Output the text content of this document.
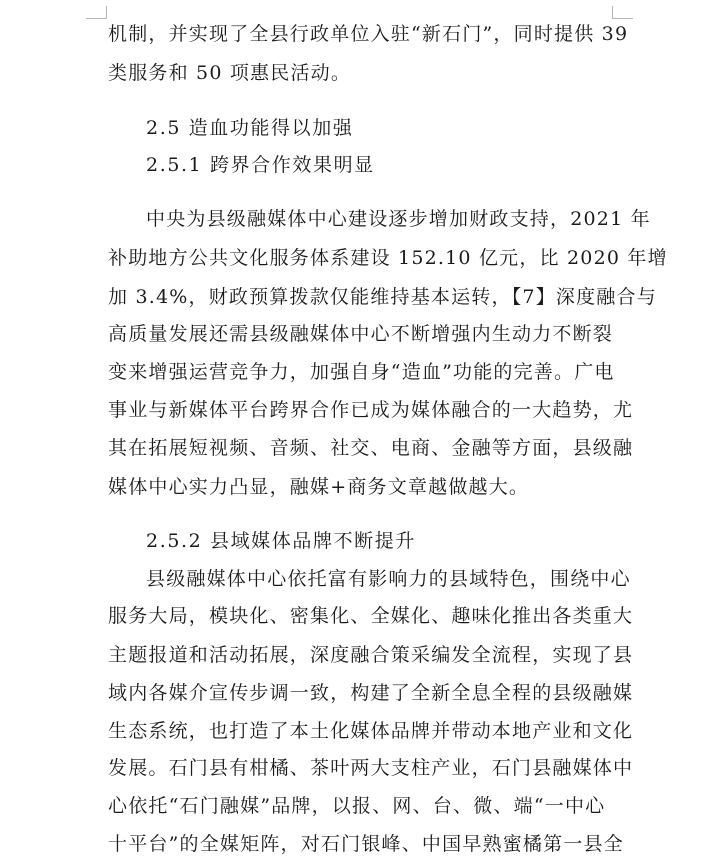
机制，并实现了全县行政单位入驻“新石门”，同时提供 39
类服务和 50 项惠民活动。
2.5 造血功能得以加强
2.5.1 跨界合作效果明显
中央为县级融媒体中心建设逐步增加财政支持，2021 年
补助地方公共文化服务体系建设 152.10 亿元，比 2020 年增
加 3.4%，财政预算拨款仅能维持基本运转，【7】深度融合与
高质量发展还需县级融媒体中心不断增强内生动力不断裂
变来增强运营竞争力，加强自身“造血”功能的完善。广电
事业与新媒体平台跨界合作已成为媒体融合的一大趋势，尤
其在拓展短视频、音频、社交、电商、金融等方面，县级融
媒体中心实力凸显，融媒+商务文章越做越大。
2.5.2 县域媒体品牌不断提升
县级融媒体中心依托富有影响力的县域特色，围绕中心
服务大局，模块化、密集化、全媒化、趣味化推出各类重大
主题报道和活动拓展，深度融合策采编发全流程，实现了县
域内各媒介宣传步调一致，构建了全新全息全程的县级融媒
生态系统，也打造了本土化媒体品牌并带动本地产业和文化
发展。石门县有柑橘、茶叶两大支柱产业，石门县融媒体中
心依托“石门融媒”品牌，以报、网、台、微、端“一中心
十平台”的全媒矩阵，对石门银峰、中国早熟蜜橘第一县全
